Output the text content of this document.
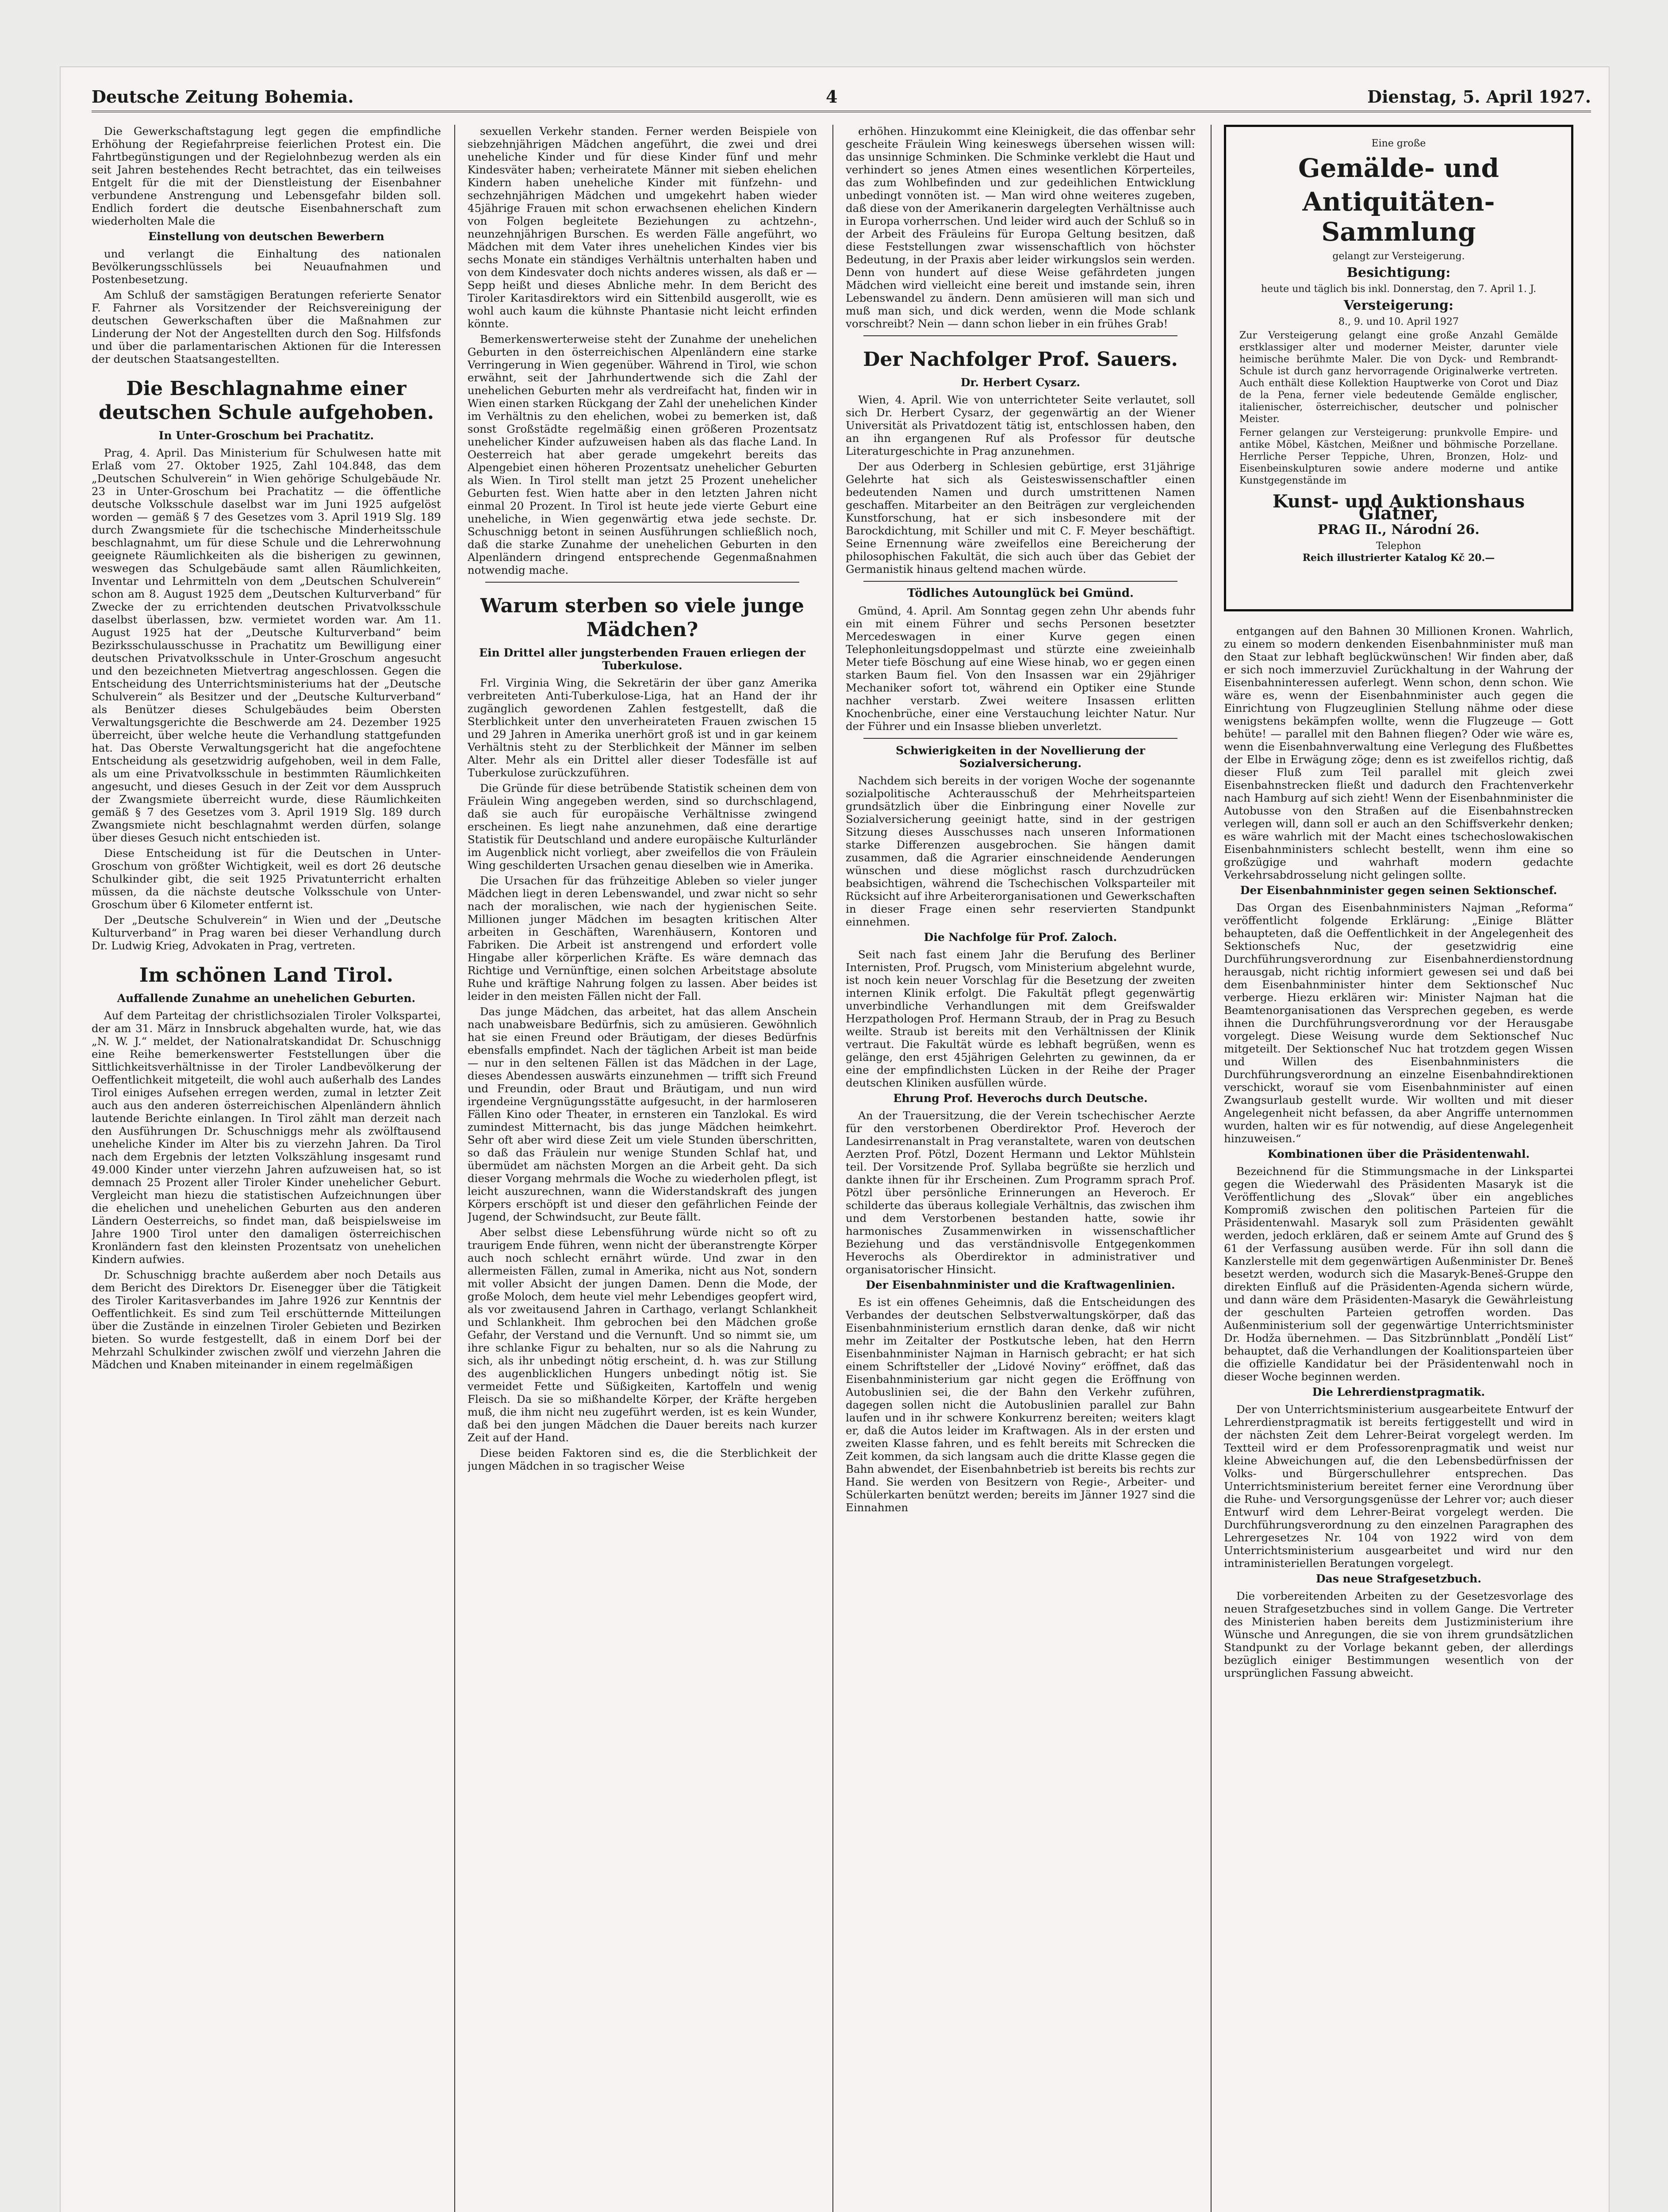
Deutsche Zeitung Bohemia.	4	Dienstag, 5. April 1927.

Die Gewerkschaftstagung legt gegen die empfindliche Erhöhung der Regiefahrpreise feierlichen Protest ein. Die Fahrtbegünstigungen und der Regielohnbezug werden als ein seit Jahren bestehendes Recht betrachtet, das ein teilweises Entgelt für die mit der Dienstleistung der Eisenbahner verbundene Anstrengung und Lebensgefahr bilden soll. Endlich fordert die deutsche Eisenbahnerschaft zum wiederholten Male die

Einstellung von deutschen Bewerbern

und verlangt die Einhaltung des nationalen Bevölkerungsschlüssels bei Neuaufnahmen und Postenbesetzung.

Am Schluß der samstägigen Beratungen referierte Senator F. Fahrner als Vorsitzender der Reichsvereinigung der deutschen Gewerkschaften über die Maßnahmen zur Linderung der Not der Angestellten durch den Sog. Hilfsfonds und über die parlamentarischen Aktionen für die Interessen der deutschen Staatsangestellten.

Die Beschlagnahme einer deutschen Schule aufgehoben.
In Unter-Groschum bei Prachatitz.

Prag, 4. April. Das Ministerium für Schulwesen hatte mit Erlaß vom 27. Oktober 1925, Zahl 104.848, das dem „Deutschen Schulverein“ in Wien gehörige Schulgebäude Nr. 23 in Unter-Groschum bei Prachatitz — die öffentliche deutsche Volksschule daselbst war im Juni 1925 aufgelöst worden — gemäß § 7 des Gesetzes vom 3. April 1919 Slg. 189 durch Zwangsmiete für die tschechische Minderheitsschule beschlagnahmt, um für diese Schule und die Lehrerwohnung geeignete Räumlichkeiten als die bisherigen zu gewinnen, weswegen das Schulgebäude samt allen Räumlichkeiten, Inventar und Lehrmitteln von dem „Deutschen Schulverein“ schon am 8. August 1925 dem „Deutschen Kulturverband“ für Zwecke der zu errichtenden deutschen Privatvolksschule daselbst überlassen, bzw. vermietet worden war. Am 11. August 1925 hat der „Deutsche Kulturverband“ beim Bezirksschulausschusse in Prachatitz um Bewilligung einer deutschen Privatvolksschule in Unter-Groschum angesucht und den bezeichneten Mietvertrag angeschlossen. Gegen die Entscheidung des Unterrichtsministeriums hat der „Deutsche Schulverein“ als Besitzer und der „Deutsche Kulturverband“ als Benützer dieses Schulgebäudes beim Obersten Verwaltungsgerichte die Beschwerde am 24. Dezember 1925 überreicht, über welche heute die Verhandlung stattgefunden hat. Das Oberste Verwaltungsgericht hat die angefochtene Entscheidung als gesetzwidrig aufgehoben, weil in dem Falle, als um eine Privatvolksschule in bestimmten Räumlichkeiten angesucht, und dieses Gesuch in der Zeit vor dem Ausspruch der Zwangsmiete überreicht wurde, diese Räumlichkeiten gemäß § 7 des Gesetzes vom 3. April 1919 Slg. 189 durch Zwangsmiete nicht beschlagnahmt werden dürfen, solange über dieses Gesuch nicht entschieden ist.

Diese Entscheidung ist für die Deutschen in Unter-Groschum von größter Wichtigkeit, weil es dort 26 deutsche Schulkinder gibt, die seit 1925 Privatunterricht erhalten müssen, da die nächste deutsche Volksschule von Unter-Groschum über 6 Kilometer entfernt ist.

Der „Deutsche Schulverein“ in Wien und der „Deutsche Kulturverband“ in Prag waren bei dieser Verhandlung durch Dr. Ludwig Krieg, Advokaten in Prag, vertreten.

Im schönen Land Tirol.
Auffallende Zunahme an unehelichen Geburten.

Auf dem Parteitag der christlichsozialen Tiroler Volkspartei, der am 31. März in Innsbruck abgehalten wurde, hat, wie das „N. W. J.“ meldet, der Nationalratskandidat Dr. Schuschnigg eine Reihe bemerkenswerter Feststellungen über die Sittlichkeitsverhältnisse in der Tiroler Landbevölkerung der Oeffentlichkeit mitgeteilt, die wohl auch außerhalb des Landes Tirol einiges Aufsehen erregen werden, zumal in letzter Zeit auch aus den anderen österreichischen Alpenländern ähnlich lautende Berichte einlangen. In Tirol zählt man derzeit nach den Ausführungen Dr. Schuschniggs mehr als zwölftausend uneheliche Kinder im Alter bis zu vierzehn Jahren. Da Tirol nach dem Ergebnis der letzten Volkszählung insgesamt rund 49.000 Kinder unter vierzehn Jahren aufzuweisen hat, so ist demnach 25 Prozent aller Tiroler Kinder unehelicher Geburt. Vergleicht man hiezu die statistischen Aufzeichnungen über die ehelichen und unehelichen Geburten aus den anderen Ländern Oesterreichs, so findet man, daß beispielsweise im Jahre 1900 Tirol unter den damaligen österreichischen Kronländern fast den kleinsten Prozentsatz von unehelichen Kindern aufwies.

Dr. Schuschnigg brachte außerdem aber noch Details aus dem Bericht des Direktors Dr. Eisenegger über die Tätigkeit des Tiroler Karitasverbandes im Jahre 1926 zur Kenntnis der Oeffentlichkeit. Es sind zum Teil erschütternde Mitteilungen über die Zustände in einzelnen Tiroler Gebieten und Bezirken bieten. So wurde festgestellt, daß in einem Dorf bei der Mehrzahl Schulkinder zwischen zwölf und vierzehn Jahren die Mädchen und Knaben miteinander in einem regelmäßigen

sexuellen Verkehr standen. Ferner werden Beispiele von siebzehnjährigen Mädchen angeführt, die zwei und drei uneheliche Kinder und für diese Kinder fünf und mehr Kindesväter haben; verheiratete Männer mit sieben ehelichen Kindern haben uneheliche Kinder mit fünfzehn- und sechzehnjährigen Mädchen und umgekehrt haben wieder 45jährige Frauen mit schon erwachsenen ehelichen Kindern von Folgen begleitete Beziehungen zu achtzehn-, neunzehnjährigen Burschen. Es werden Fälle angeführt, wo Mädchen mit dem Vater ihres unehelichen Kindes vier bis sechs Monate ein ständiges Verhältnis unterhalten haben und von dem Kindesvater doch nichts anderes wissen, als daß er — Sepp heißt und dieses Abnliche mehr. In dem Bericht des Tiroler Karitasdirektors wird ein Sittenbild ausgerollt, wie es wohl auch kaum die kühnste Phantasie nicht leicht erfinden könnte.

Bemerkenswerterweise steht der Zunahme der unehelichen Geburten in den österreichischen Alpenländern eine starke Verringerung in Wien gegenüber. Während in Tirol, wie schon erwähnt, seit der Jahrhundertwende sich die Zahl der unehelichen Geburten mehr als verdreifacht hat, finden wir in Wien einen starken Rückgang der Zahl der unehelichen Kinder im Verhältnis zu den ehelichen, wobei zu bemerken ist, daß sonst Großstädte regelmäßig einen größeren Prozentsatz unehelicher Kinder aufzuweisen haben als das flache Land. In Oesterreich hat aber gerade umgekehrt bereits das Alpengebiet einen höheren Prozentsatz unehelicher Geburten als Wien. In Tirol stellt man jetzt 25 Prozent unehelicher Geburten fest. Wien hatte aber in den letzten Jahren nicht einmal 20 Prozent. In Tirol ist heute jede vierte Geburt eine uneheliche, in Wien gegenwärtig etwa jede sechste. Dr. Schuschnigg betont in seinen Ausführungen schließlich noch, daß die starke Zunahme der unehelichen Geburten in den Alpenländern dringend entsprechende Gegenmaßnahmen notwendig mache.

Warum sterben so viele junge Mädchen?
Ein Drittel aller jungsterbenden Frauen erliegen der Tuberkulose.

Frl. Virginia Wing, die Sekretärin der über ganz Amerika verbreiteten Anti-Tuberkulose-Liga, hat an Hand der ihr zugänglich gewordenen Zahlen festgestellt, daß die Sterblichkeit unter den unverheirateten Frauen zwischen 15 und 29 Jahren in Amerika unerhört groß ist und in gar keinem Verhältnis steht zu der Sterblichkeit der Männer im selben Alter. Mehr als ein Drittel aller dieser Todesfälle ist auf Tuberkulose zurückzuführen.

Die Gründe für diese betrübende Statistik scheinen dem von Fräulein Wing angegeben werden, sind so durchschlagend, daß sie auch für europäische Verhältnisse zwingend erscheinen. Es liegt nahe anzunehmen, daß eine derartige Statistik für Deutschland und andere europäische Kulturländer im Augenblick nicht vorliegt, aber zweifellos die von Fräulein Wing geschilderten Ursachen genau dieselben wie in Amerika.

Die Ursachen für das frühzeitige Ableben so vieler junger Mädchen liegt in deren Lebenswandel, und zwar nicht so sehr nach der moralischen, wie nach der hygienischen Seite. Millionen junger Mädchen im besagten kritischen Alter arbeiten in Geschäften, Warenhäusern, Kontoren und Fabriken. Die Arbeit ist anstrengend und erfordert volle Hingabe aller körperlichen Kräfte. Es wäre demnach das Richtige und Vernünftige, einen solchen Arbeitstage absolute Ruhe und kräftige Nahrung folgen zu lassen. Aber beides ist leider in den meisten Fällen nicht der Fall.

Das junge Mädchen, das arbeitet, hat das allem Anschein nach unabweisbare Bedürfnis, sich zu amüsieren. Gewöhnlich hat sie einen Freund oder Bräutigam, der dieses Bedürfnis ebensfalls empfindet. Nach der täglichen Arbeit ist man beide — nur in den seltenen Fällen ist das Mädchen in der Lage, dieses Abendessen auswärts einzunehmen — trifft sich Freund und Freundin, oder Braut und Bräutigam, und nun wird irgendeine Vergnügungsstätte aufgesucht, in der harmloseren Fällen Kino oder Theater, in ernsteren ein Tanzlokal. Es wird zumindest Mitternacht, bis das junge Mädchen heimkehrt. Sehr oft aber wird diese Zeit um viele Stunden überschritten, so daß das Fräulein nur wenige Stunden Schlaf hat, und übermüdet am nächsten Morgen an die Arbeit geht. Da sich dieser Vorgang mehrmals die Woche zu wiederholen pflegt, ist leicht auszurechnen, wann die Widerstandskraft des jungen Körpers erschöpft ist und dieser den gefährlichen Feinde der Jugend, der Schwindsucht, zur Beute fällt.

Aber selbst diese Lebensführung würde nicht so oft zu traurigem Ende führen, wenn nicht der überanstrengte Körper auch noch schlecht ernährt würde. Und zwar in den allermeisten Fällen, zumal in Amerika, nicht aus Not, sondern mit voller Absicht der jungen Damen. Denn die Mode, der große Moloch, dem heute viel mehr Lebendiges geopfert wird, als vor zweitausend Jahren in Carthago, verlangt Schlankheit und Schlankheit. Ihm gebrochen bei den Mädchen große Gefahr, der Verstand und die Vernunft. Und so nimmt sie, um ihre schlanke Figur zu behalten, nur so als die Nahrung zu sich, als ihr unbedingt nötig erscheint, d. h. was zur Stillung des augenblicklichen Hungers unbedingt nötig ist. Sie vermeidet Fette und Süßigkeiten, Kartoffeln und wenig Fleisch. Da sie so mißhandelte Körper, der Kräfte hergeben muß, die ihm nicht neu zugeführt werden, ist es kein Wunder, daß bei den jungen Mädchen die Dauer bereits nach kurzer Zeit auf der Hand.

Diese beiden Faktoren sind es, die die Sterblichkeit der jungen Mädchen in so tragischer Weise

erhöhen. Hinzukommt eine Kleinigkeit, die das offenbar sehr gescheite Fräulein Wing keineswegs übersehen wissen will: das unsinnige Schminken. Die Schminke verklebt die Haut und verhindert so jenes Atmen eines wesentlichen Körperteiles, das zum Wohlbefinden und zur gedeihlichen Entwicklung unbedingt vonnöten ist. — Man wird ohne weiteres zugeben, daß diese von der Amerikanerin dargelegten Verhältnisse auch in Europa vorherrschen. Und leider wird auch der Schluß so in der Arbeit des Fräuleins für Europa Geltung besitzen, daß diese Feststellungen zwar wissenschaftlich von höchster Bedeutung, in der Praxis aber leider wirkungslos sein werden. Denn von hundert auf diese Weise gefährdeten jungen Mädchen wird vielleicht eine bereit und imstande sein, ihren Lebenswandel zu ändern. Denn amüsieren will man sich und muß man sich, und dick werden, wenn die Mode schlank vorschreibt? Nein — dann schon lieber in ein frühes Grab!

Der Nachfolger Prof. Sauers.
Dr. Herbert Cysarz.

Wien, 4. April. Wie von unterrichteter Seite verlautet, soll sich Dr. Herbert Cysarz, der gegenwärtig an der Wiener Universität als Privatdozent tätig ist, entschlossen haben, den an ihn ergangenen Ruf als Professor für deutsche Literaturgeschichte in Prag anzunehmen.

Der aus Oderberg in Schlesien gebürtige, erst 31jährige Gelehrte hat sich als Geisteswissenschaftler einen bedeutenden Namen und durch umstrittenen Namen geschaffen. Mitarbeiter an den Beiträgen zur vergleichenden Kunstforschung, hat er sich insbesondere mit der Barockdichtung, mit Schiller und mit C. F. Meyer beschäftigt. Seine Ernennung wäre zweifellos eine Bereicherung der philosophischen Fakultät, die sich auch über das Gebiet der Germanistik hinaus geltend machen würde.

Tödliches Autounglück bei Gmünd.

Gmünd, 4. April. Am Sonntag gegen zehn Uhr abends fuhr ein mit einem Führer und sechs Personen besetzter Mercedeswagen in einer Kurve gegen einen Telephonleitungsdoppelmast und stürzte eine zweieinhalb Meter tiefe Böschung auf eine Wiese hinab, wo er gegen einen starken Baum fiel. Von den Insassen war ein 29jähriger Mechaniker sofort tot, während ein Optiker eine Stunde nachher verstarb. Zwei weitere Insassen erlitten Knochenbrüche, einer eine Verstauchung leichter Natur. Nur der Führer und ein Insasse blieben unverletzt.

Schwierigkeiten in der Novellierung der Sozialversicherung.

Nachdem sich bereits in der vorigen Woche der sogenannte sozialpolitische Achterausschuß der Mehrheitsparteien grundsätzlich über die Einbringung einer Novelle zur Sozialversicherung geeinigt hatte, sind in der gestrigen Sitzung dieses Ausschusses nach unseren Informationen starke Differenzen ausgebrochen. Sie hängen damit zusammen, daß die Agrarier einschneidende Aenderungen wünschen und diese möglichst rasch durchzudrücken beabsichtigen, während die Tschechischen Volksparteiler mit Rücksicht auf ihre Arbeiterorganisationen und Gewerkschaften in dieser Frage einen sehr reservierten Standpunkt einnehmen.

Die Nachfolge für Prof. Zaloch.

Seit nach fast einem Jahr die Berufung des Berliner Internisten, Prof. Prugsch, vom Ministerium abgelehnt wurde, ist noch kein neuer Vorschlag für die Besetzung der zweiten internen Klinik erfolgt. Die Fakultät pflegt gegenwärtig unverbindliche Verhandlungen mit dem Greifswalder Herzpathologen Prof. Hermann Straub, der in Prag zu Besuch weilte. Straub ist bereits mit den Verhältnissen der Klinik vertraut. Die Fakultät würde es lebhaft begrüßen, wenn es gelänge, den erst 45jährigen Gelehrten zu gewinnen, da er eine der empfindlichsten Lücken in der Reihe der Prager deutschen Kliniken ausfüllen würde.

Ehrung Prof. Heverochs durch Deutsche.

An der Trauersitzung, die der Verein tschechischer Aerzte für den verstorbenen Oberdirektor Prof. Heveroch der Landesirrenanstalt in Prag veranstaltete, waren von deutschen Aerzten Prof. Pötzl, Dozent Hermann und Lektor Mühlstein teil. Der Vorsitzende Prof. Syllaba begrüßte sie herzlich und dankte ihnen für ihr Erscheinen. Zum Programm sprach Prof. Pötzl über persönliche Erinnerungen an Heveroch. Er schilderte das überaus kollegiale Verhältnis, das zwischen ihm und dem Verstorbenen bestanden hatte, sowie ihr harmonisches Zusammenwirken in wissenschaftlicher Beziehung und das verständnisvolle Entgegenkommen Heverochs als Oberdirektor in administrativer und organisatorischer Hinsicht.

Der Eisenbahnminister und die Kraftwagenlinien.

Es ist ein offenes Geheimnis, daß die Entscheidungen des Verbandes der deutschen Selbstverwaltungskörper, daß das Eisenbahnministerium ernstlich daran denke, daß wir nicht mehr im Zeitalter der Postkutsche leben, hat den Herrn Eisenbahnminister Najman in Harnisch gebracht; er hat sich einem Schriftsteller der „Lidové Noviny“ eröffnet, daß das Eisenbahnministerium gar nicht gegen die Eröffnung von Autobuslinien sei, die der Bahn den Verkehr zuführen, dagegen sollen nicht die Autobuslinien parallel zur Bahn laufen und in ihr schwere Konkurrenz bereiten; weiters klagt er, daß die Autos leider im Kraftwagen. Als in der ersten und zweiten Klasse fahren, und es fehlt bereits mit Schrecken die Zeit kommen, da sich langsam auch die dritte Klasse gegen die Bahn abwendet, der Eisenbahnbetrieb ist bereits bis rechts zur Hand. Sie werden von Besitzern von Regie-, Arbeiter- und Schülerkarten benützt werden; bereits im Jänner 1927 sind die Einnahmen

Eine große
Gemälde- und
Antiquitäten-Sammlung
gelangt zur Versteigerung.
Besichtigung:
heute und täglich bis inkl. Donnerstag, den 7. April 1. J.
Versteigerung:
8., 9. und 10. April 1927

Zur Versteigerung gelangt eine große Anzahl Gemälde erstklassiger alter und moderner Meister, darunter viele heimische berühmte Maler. Die von Dyck- und Rembrandt-Schule ist durch ganz hervorragende Originalwerke vertreten. Auch enthält diese Kollektion Hauptwerke von Corot und Diaz de la Pena, ferner viele bedeutende Gemälde englischer, italienischer, österreichischer, deutscher und polnischer Meister.

Ferner gelangen zur Versteigerung: prunkvolle Empire- und antike Möbel, Kästchen, Meißner und böhmische Porzellane. Herrliche Perser Teppiche, Uhren, Bronzen, Holz- und Eisenbeinskulpturen sowie andere moderne und antike Kunstgegenstände im

Kunst- und Auktionshaus Glatner,
PRAG II., Národní 26.
Telephon
Reich illustrierter Katalog Kč 20.—

entgangen auf den Bahnen 30 Millionen Kronen. Wahrlich, zu einem so modern denkenden Eisenbahnminister muß man den Staat zur lebhaft beglückwünschen! Wir finden aber, daß er sich noch immerzuviel Zurückhaltung in der Wahrung der Eisenbahninteressen auferlegt. Wenn schon, denn schon. Wie wäre es, wenn der Eisenbahnminister auch gegen die Einrichtung von Flugzeuglinien Stellung nähme oder diese wenigstens bekämpfen wollte, wenn die Flugzeuge — Gott behüte! — parallel mit den Bahnen fliegen? Oder wie wäre es, wenn die Eisenbahnverwaltung eine Verlegung des Flußbettes der Elbe in Erwägung zöge; denn es ist zweifellos richtig, daß dieser Fluß zum Teil parallel mit gleich zwei Eisenbahnstrecken fließt und dadurch den Frachtenverkehr nach Hamburg auf sich zieht! Wenn der Eisenbahnminister die Autobusse von den Straßen auf die Eisenbahnstrecken verlegen will, dann soll er auch an den Schiffsverkehr denken; es wäre wahrlich mit der Macht eines tschechoslowakischen Eisenbahnministers schlecht bestellt, wenn ihm eine so großzügige und wahrhaft modern gedachte Verkehrsabdrosselung nicht gelingen sollte.

Der Eisenbahnminister gegen seinen Sektionschef.

Das Organ des Eisenbahnministers Najman „Reforma“ veröffentlicht folgende Erklärung: „Einige Blätter behaupteten, daß die Oeffentlichkeit in der Angelegenheit des Sektionschefs Nuc, der gesetzwidrig eine Durchführungsverordnung zur Eisenbahnerdienstordnung herausgab, nicht richtig informiert gewesen sei und daß bei dem Eisenbahnminister hinter dem Sektionschef Nuc verberge. Hiezu erklären wir: Minister Najman hat die Beamtenorganisationen das Versprechen gegeben, es werde ihnen die Durchführungsverordnung vor der Herausgabe vorgelegt. Diese Weisung wurde dem Sektionschef Nuc mitgeteilt. Der Sektionschef Nuc hat trotzdem gegen Wissen und Willen des Eisenbahnministers die Durchführungsverordnung an einzelne Eisenbahndirektionen verschickt, worauf sie vom Eisenbahnminister auf einen Zwangsurlaub gestellt wurde. Wir wollten und mit dieser Angelegenheit nicht befassen, da aber Angriffe unternommen wurden, halten wir es für notwendig, auf diese Angelegenheit hinzuweisen.“

Kombinationen über die Präsidentenwahl.

Bezeichnend für die Stimmungsmache in der Linkspartei gegen die Wiederwahl des Präsidenten Masaryk ist die Veröffentlichung des „Slovak“ über ein angebliches Kompromiß zwischen den politischen Parteien für die Präsidentenwahl. Masaryk soll zum Präsidenten gewählt werden, jedoch erklären, daß er seinem Amte auf Grund des § 61 der Verfassung ausüben werde. Für ihn soll dann die Kanzlerstelle mit dem gegenwärtigen Außenminister Dr. Beneš besetzt werden, wodurch sich die Masaryk-Beneš-Gruppe den direkten Einfluß auf die Präsidenten-Agenda sichern würde, und dann wäre dem Präsidenten-Masaryk die Gewährleistung der geschulten Parteien getroffen worden. Das Außenministerium soll der gegenwärtige Unterrichtsminister Dr. Hodža übernehmen. — Das Sitzbrünnblatt „Pondělí List“ behauptet, daß die Verhandlungen der Koalitionsparteien über die offizielle Kandidatur bei der Präsidentenwahl noch in dieser Woche beginnen werden.

Die Lehrerdienstpragmatik.

Der von Unterrichtsministerium ausgearbeitete Entwurf der Lehrerdienstpragmatik ist bereits fertiggestellt und wird in der nächsten Zeit dem Lehrer-Beirat vorgelegt werden. Im Textteil wird er dem Professorenpragmatik und weist nur kleine Abweichungen auf, die den Lebensbedürfnissen der Volks- und Bürgerschullehrer entsprechen. Das Unterrichtsministerium bereitet ferner eine Verordnung über die Ruhe- und Versorgungsgenüsse der Lehrer vor; auch dieser Entwurf wird dem Lehrer-Beirat vorgelegt werden. Die Durchführungsverordnung zu den einzelnen Paragraphen des Lehrergesetzes Nr. 104 von 1922 wird von dem Unterrichtsministerium ausgearbeitet und wird nur den intraministeriellen Beratungen vorgelegt.

Das neue Strafgesetzbuch.

Die vorbereitenden Arbeiten zu der Gesetzesvorlage des neuen Strafgesetzbuches sind in vollem Gange. Die Vertreter des Ministerien haben bereits dem Justizministerium ihre Wünsche und Anregungen, die sie von ihrem grundsätzlichen Standpunkt zu der Vorlage bekannt geben, der allerdings bezüglich einiger Bestimmungen wesentlich von der ursprünglichen Fassung abweicht.
